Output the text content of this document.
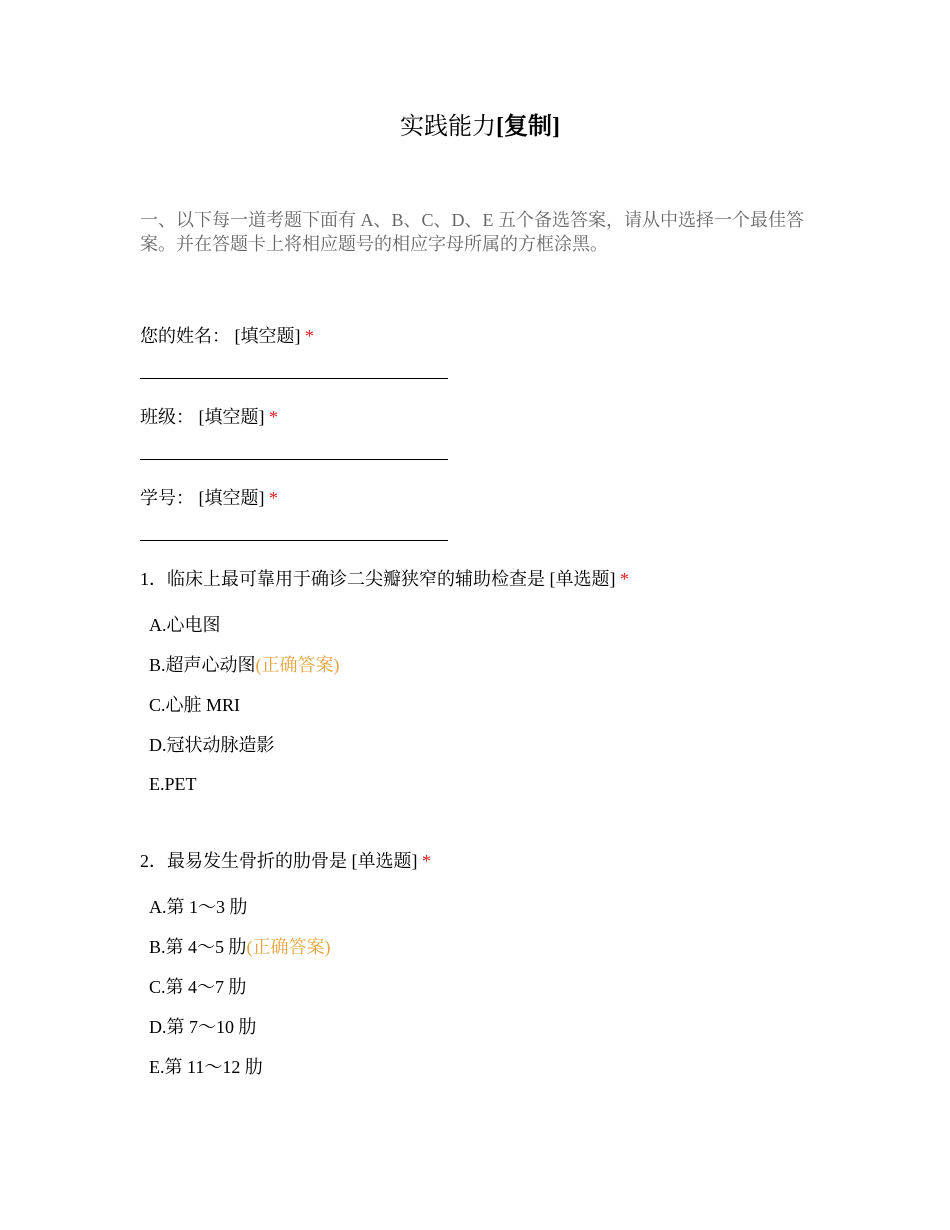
实践能力[复制]
一、以下每一道考题下面有 A、B、C、D、E 五个备选答案，请从中选择一个最佳答案。并在答题卡上将相应题号的相应字母所属的方框涂黑。
您的姓名： [填空题] *
班级： [填空题] *
学号： [填空题] *
1．临床上最可靠用于确诊二尖瓣狭窄的辅助检查是 [单选题] *
A.心电图
B.超声心动图(正确答案)
C.心脏 MRI
D.冠状动脉造影
E.PET
2．最易发生骨折的肋骨是 [单选题] *
A.第 1～3 肋
B.第 4～5 肋(正确答案)
C.第 4～7 肋
D.第 7～10 肋
E.第 11～12 肋
